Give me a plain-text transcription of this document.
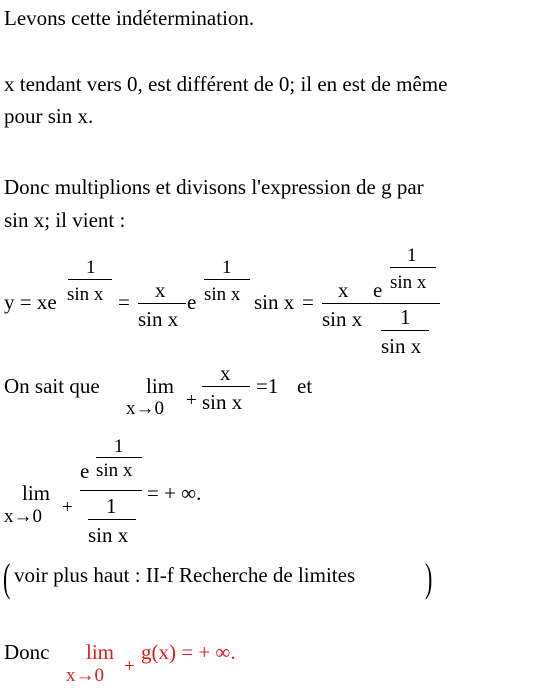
Levons cette indétermination.
x tendant vers 0, est différent de 0; il en est de même
pour sin x.
Donc multiplions et divisons l'expression de g par
sin x; il vient :
y = xe
1
sin x = x
sin x
e
1
sin x sin x = x
sin x
e
1
sin x
1
sin x
On sait que lim
x→0 +
x
sin x
=1 et
lim
x→0 +
e
1
sin x
1
sin x
= + ∞.
( voir plus haut : II-f Recherche de limites )
Donc lim
x→0 +
g(x) = + ∞.
